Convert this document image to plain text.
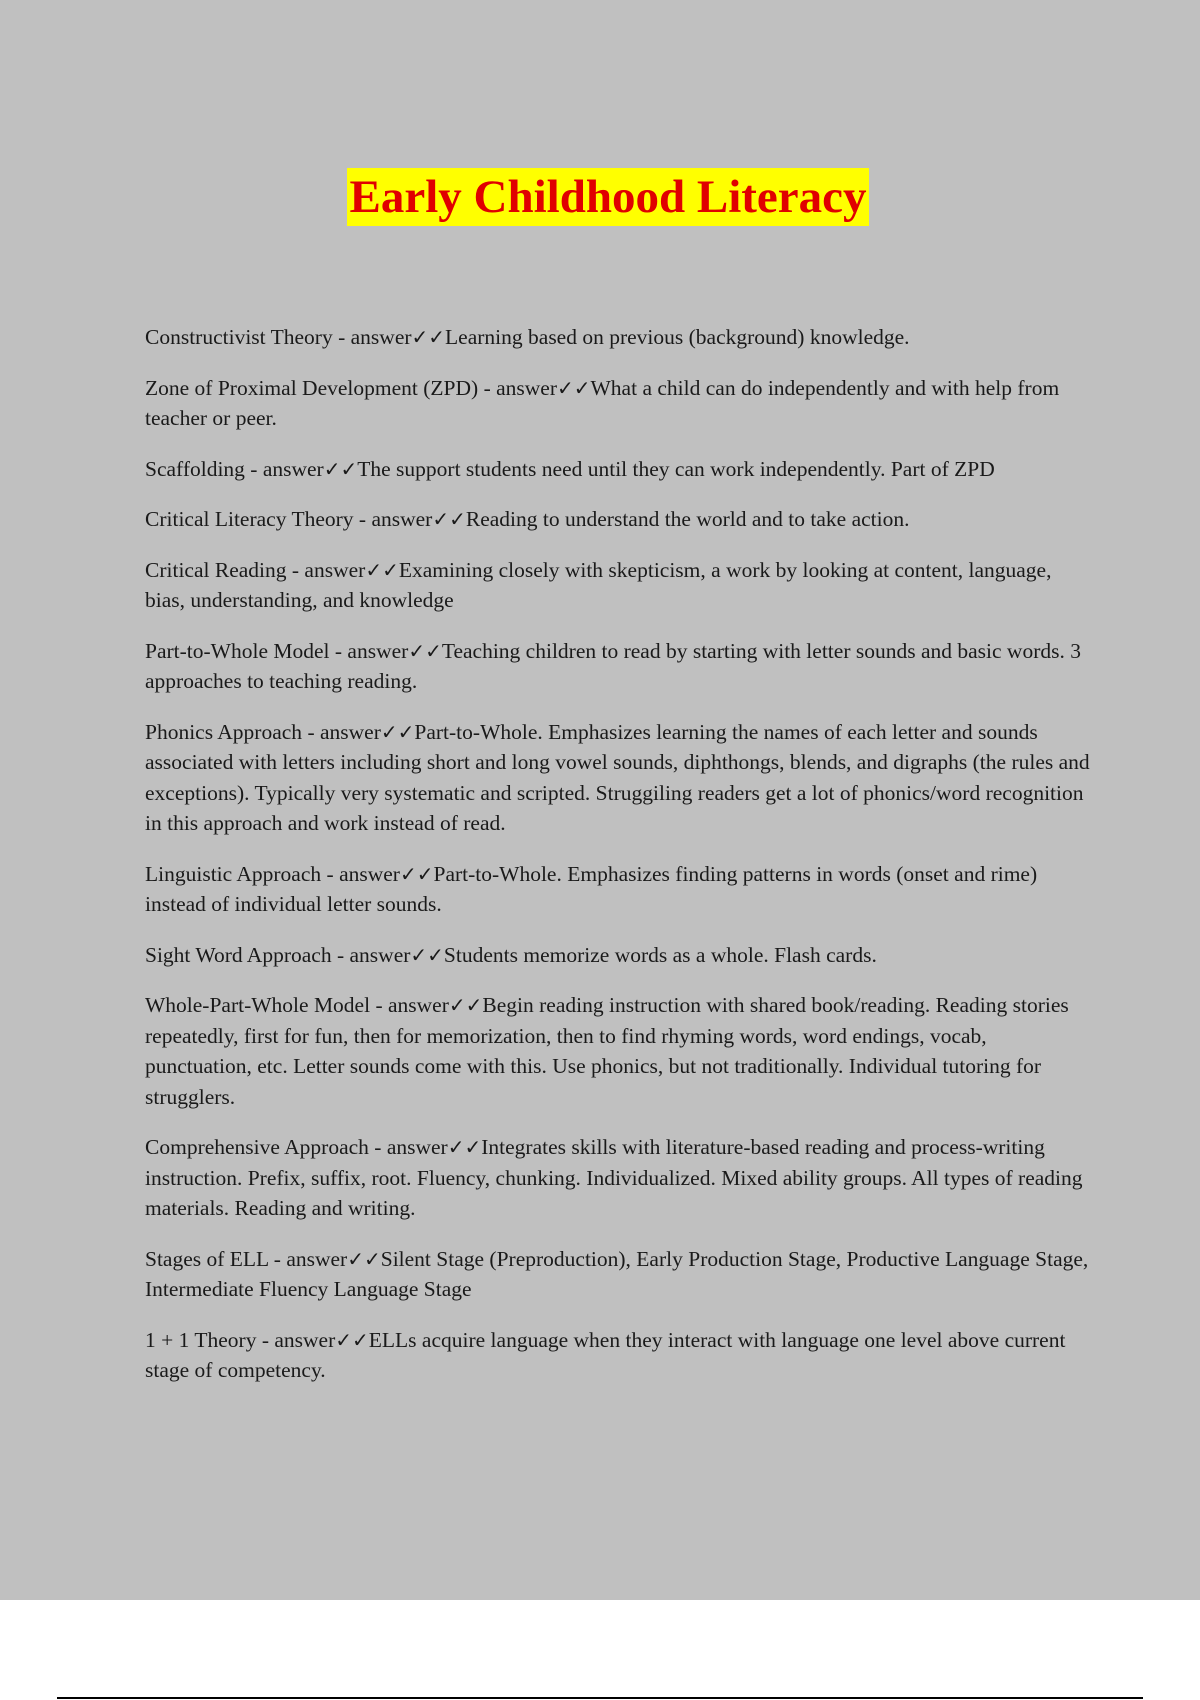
Early Childhood Literacy

Constructivist Theory - answer✓✓Learning based on previous (background) knowledge.

Zone of Proximal Development (ZPD) - answer✓✓What a child can do independently and with help from teacher or peer.

Scaffolding - answer✓✓The support students need until they can work independently. Part of ZPD

Critical Literacy Theory - answer✓✓Reading to understand the world and to take action.

Critical Reading - answer✓✓Examining closely with skepticism, a work by looking at content, language, bias, understanding, and knowledge

Part-to-Whole Model - answer✓✓Teaching children to read by starting with letter sounds and basic words. 3 approaches to teaching reading.

Phonics Approach - answer✓✓Part-to-Whole. Emphasizes learning the names of each letter and sounds associated with letters including short and long vowel sounds, diphthongs, blends, and digraphs (the rules and exceptions). Typically very systematic and scripted. Struggiling readers get a lot of phonics/word recognition in this approach and work instead of read.

Linguistic Approach - answer✓✓Part-to-Whole. Emphasizes finding patterns in words (onset and rime) instead of individual letter sounds.

Sight Word Approach - answer✓✓Students memorize words as a whole. Flash cards.

Whole-Part-Whole Model - answer✓✓Begin reading instruction with shared book/reading. Reading stories repeatedly, first for fun, then for memorization, then to find rhyming words, word endings, vocab, punctuation, etc. Letter sounds come with this. Use phonics, but not traditionally. Individual tutoring for strugglers.

Comprehensive Approach - answer✓✓Integrates skills with literature-based reading and process-writing instruction. Prefix, suffix, root. Fluency, chunking. Individualized. Mixed ability groups. All types of reading materials. Reading and writing.

Stages of ELL - answer✓✓Silent Stage (Preproduction), Early Production Stage, Productive Language Stage, Intermediate Fluency Language Stage

1 + 1 Theory - answer✓✓ELLs acquire language when they interact with language one level above current stage of competency.
